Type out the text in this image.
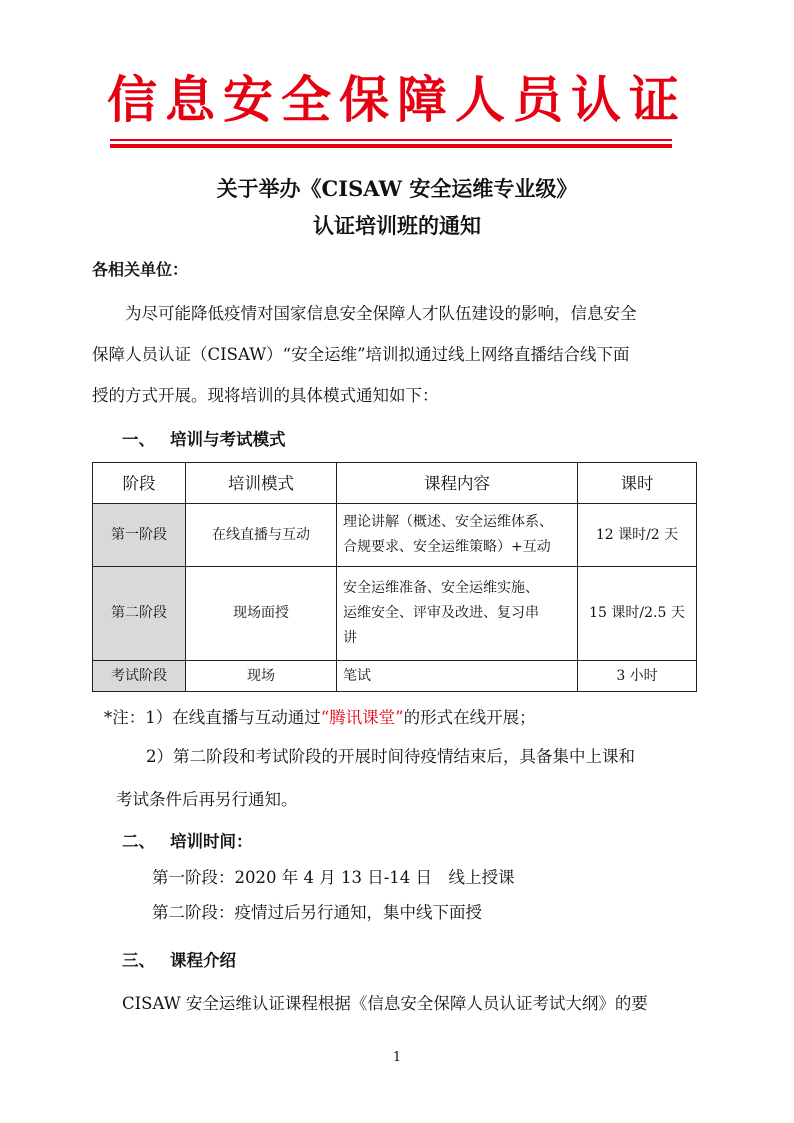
信息安全保障人员认证
关于举办《CISAW 安全运维专业级》
认证培训班的通知
各相关单位：
为尽可能降低疫情对国家信息安全保障人才队伍建设的影响，信息安全
保障人员认证（CISAW）“安全运维”培训拟通过线上网络直播结合线下面
授的方式开展。现将培训的具体模式通知如下：
一、 培训与考试模式
阶段	培训模式	课程内容	课时
第一阶段	在线直播与互动	理论讲解（概述、安全运维体系、
合规要求、安全运维策略）+互动	12 课时/2 天
第二阶段	现场面授	安全运维准备、安全运维实施、
运维安全、评审及改进、复习串
讲	15 课时/2.5 天
考试阶段	现场	笔试	3 小时
*注：1）在线直播与互动通过“腾讯课堂”的形式在线开展；
2）第二阶段和考试阶段的开展时间待疫情结束后，具备集中上课和
考试条件后再另行通知。
二、 培训时间：
第一阶段：2020 年 4 月 13 日-14 日　线上授课
第二阶段：疫情过后另行通知，集中线下面授
三、 课程介绍
CISAW 安全运维认证课程根据《信息安全保障人员认证考试大纲》的要
1
